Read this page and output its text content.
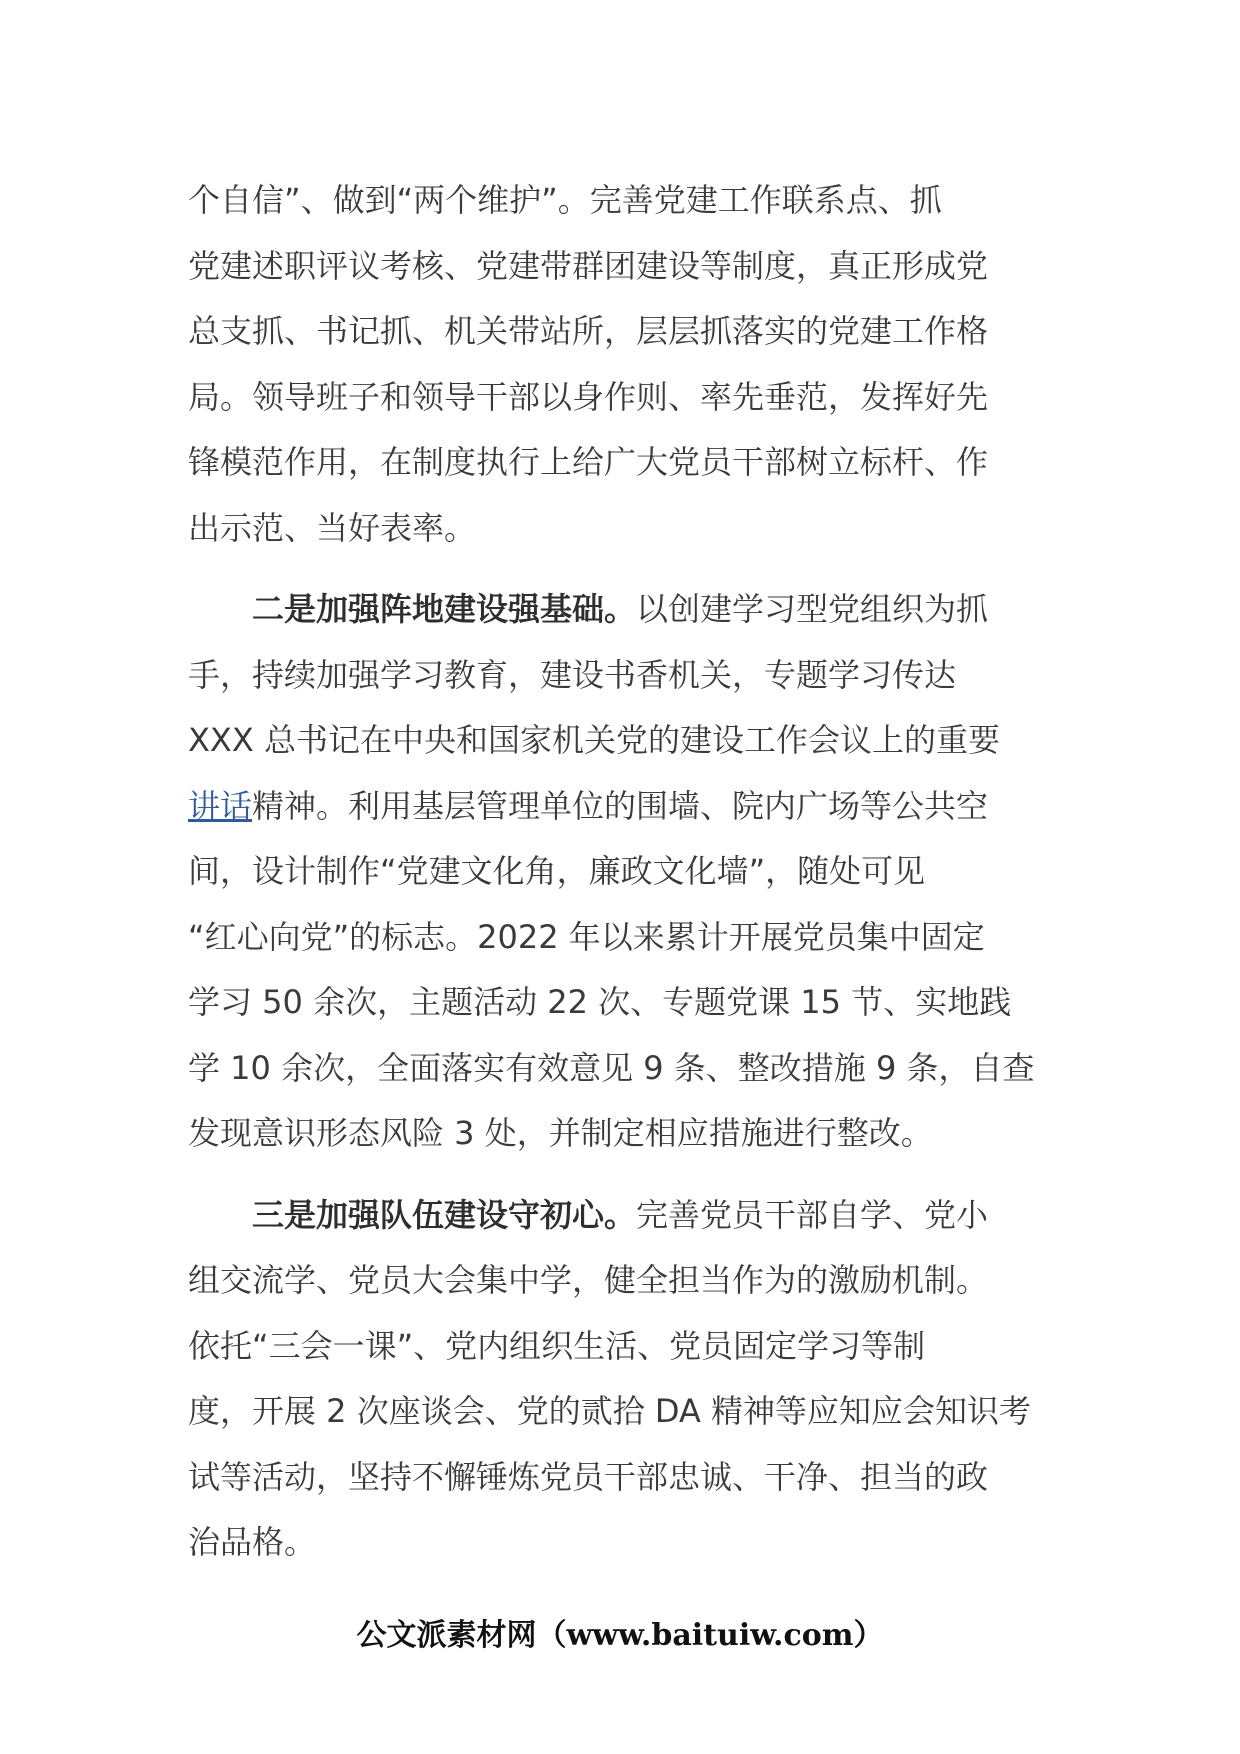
个自信”、做到“两个维护”。完善党建工作联系点、抓
党建述职评议考核、党建带群团建设等制度，真正形成党
总支抓、书记抓、机关带站所，层层抓落实的党建工作格
局。领导班子和领导干部以身作则、率先垂范，发挥好先
锋模范作用，在制度执行上给广大党员干部树立标杆、作
出示范、当好表率。
二是加强阵地建设强基础。以创建学习型党组织为抓
手，持续加强学习教育，建设书香机关，专题学习传达
XXX 总书记在中央和国家机关党的建设工作会议上的重要
讲话精神。利用基层管理单位的围墙、院内广场等公共空
间，设计制作“党建文化角，廉政文化墙”，随处可见
“红心向党”的标志。2022 年以来累计开展党员集中固定
学习 50 余次，主题活动 22 次、专题党课 15 节、实地践
学 10 余次，全面落实有效意见 9 条、整改措施 9 条，自查
发现意识形态风险 3 处，并制定相应措施进行整改。
三是加强队伍建设守初心。完善党员干部自学、党小
组交流学、党员大会集中学，健全担当作为的激励机制。
依托“三会一课”、党内组织生活、党员固定学习等制
度，开展 2 次座谈会、党的贰拾 DA 精神等应知应会知识考
试等活动，坚持不懈锤炼党员干部忠诚、干净、担当的政
治品格。
公文派素材网（www.baituiw.com）
